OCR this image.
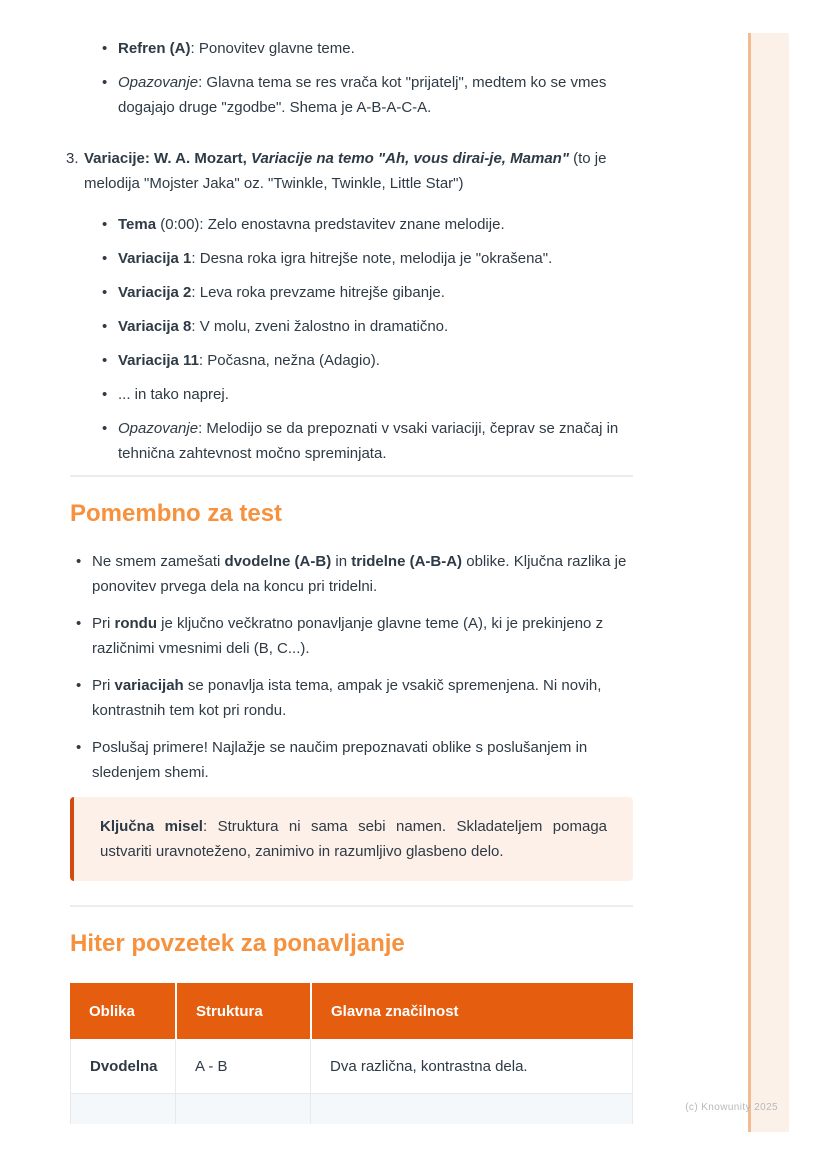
(c) Knowunity 2025
• Refren (A): Ponovitev glavne teme.
• Opazovanje: Glavna tema se res vrača kot "prijatelj", medtem ko se vmes dogajajo druge "zgodbe". Shema je A-B-A-C-A.
3. Variacije: W. A. Mozart, Variacije na temo "Ah, vous dirai-je, Maman" (to je melodija "Mojster Jaka" oz. "Twinkle, Twinkle, Little Star")
• Tema (0:00): Zelo enostavna predstavitev znane melodije.
• Variacija 1: Desna roka igra hitrejše note, melodija je "okrašena".
• Variacija 2: Leva roka prevzame hitrejše gibanje.
• Variacija 8: V molu, zveni žalostno in dramatično.
• Variacija 11: Počasna, nežna (Adagio).
• ... in tako naprej.
• Opazovanje: Melodijo se da prepoznati v vsaki variaciji, čeprav se značaj in tehnična zahtevnost močno spreminjata.
Pomembno za test
• Ne smem zamešati dvodelne (A-B) in tridelne (A-B-A) oblike. Ključna razlika je ponovitev prvega dela na koncu pri tridelni.
• Pri rondu je ključno večkratno ponavljanje glavne teme (A), ki je prekinjeno z različnimi vmesnimi deli (B, C...).
• Pri variacijah se ponavlja ista tema, ampak je vsakič spremenjena. Ni novih, kontrastnih tem kot pri rondu.
• Poslušaj primere! Najlažje se naučim prepoznavati oblike s poslušanjem in sledenjem shemi.
Ključna misel: Struktura ni sama sebi namen. Skladateljem pomaga ustvariti uravnoteženo, zanimivo in razumljivo glasbeno delo.
Hiter povzetek za ponavljanje
Oblika	Struktura	Glavna značilnost
Dvodelna	A - B	Dva različna, kontrastna dela.
